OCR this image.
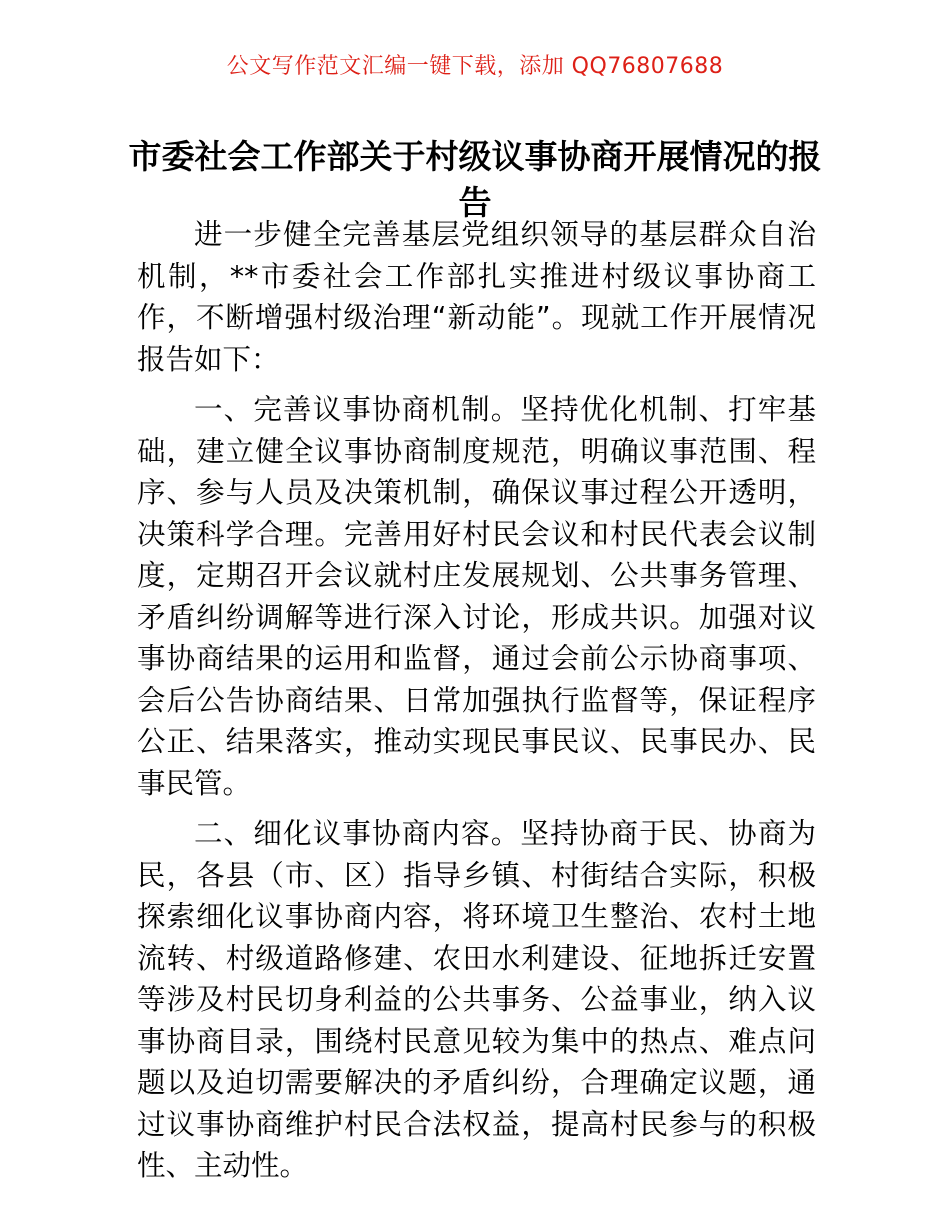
公文写作范文汇编一键下载，添加 QQ76807688
市委社会工作部关于村级议事协商开展情况的报告

进一步健全完善基层党组织领导的基层群众自治机制，**市委社会工作部扎实推进村级议事协商工作，不断增强村级治理“新动能”。现就工作开展情况报告如下：

一、完善议事协商机制。坚持优化机制、打牢基础，建立健全议事协商制度规范，明确议事范围、程序、参与人员及决策机制，确保议事过程公开透明，决策科学合理。完善用好村民会议和村民代表会议制度，定期召开会议就村庄发展规划、公共事务管理、矛盾纠纷调解等进行深入讨论，形成共识。加强对议事协商结果的运用和监督，通过会前公示协商事项、会后公告协商结果、日常加强执行监督等，保证程序公正、结果落实，推动实现民事民议、民事民办、民事民管。

二、细化议事协商内容。坚持协商于民、协商为民，各县（市、区）指导乡镇、村街结合实际，积极探索细化议事协商内容，将环境卫生整治、农村土地流转、村级道路修建、农田水利建设、征地拆迁安置等涉及村民切身利益的公共事务、公益事业，纳入议事协商目录，围绕村民意见较为集中的热点、难点问题以及迫切需要解决的矛盾纠纷，合理确定议题，通过议事协商维护村民合法权益，提高村民参与的积极性、主动性。
